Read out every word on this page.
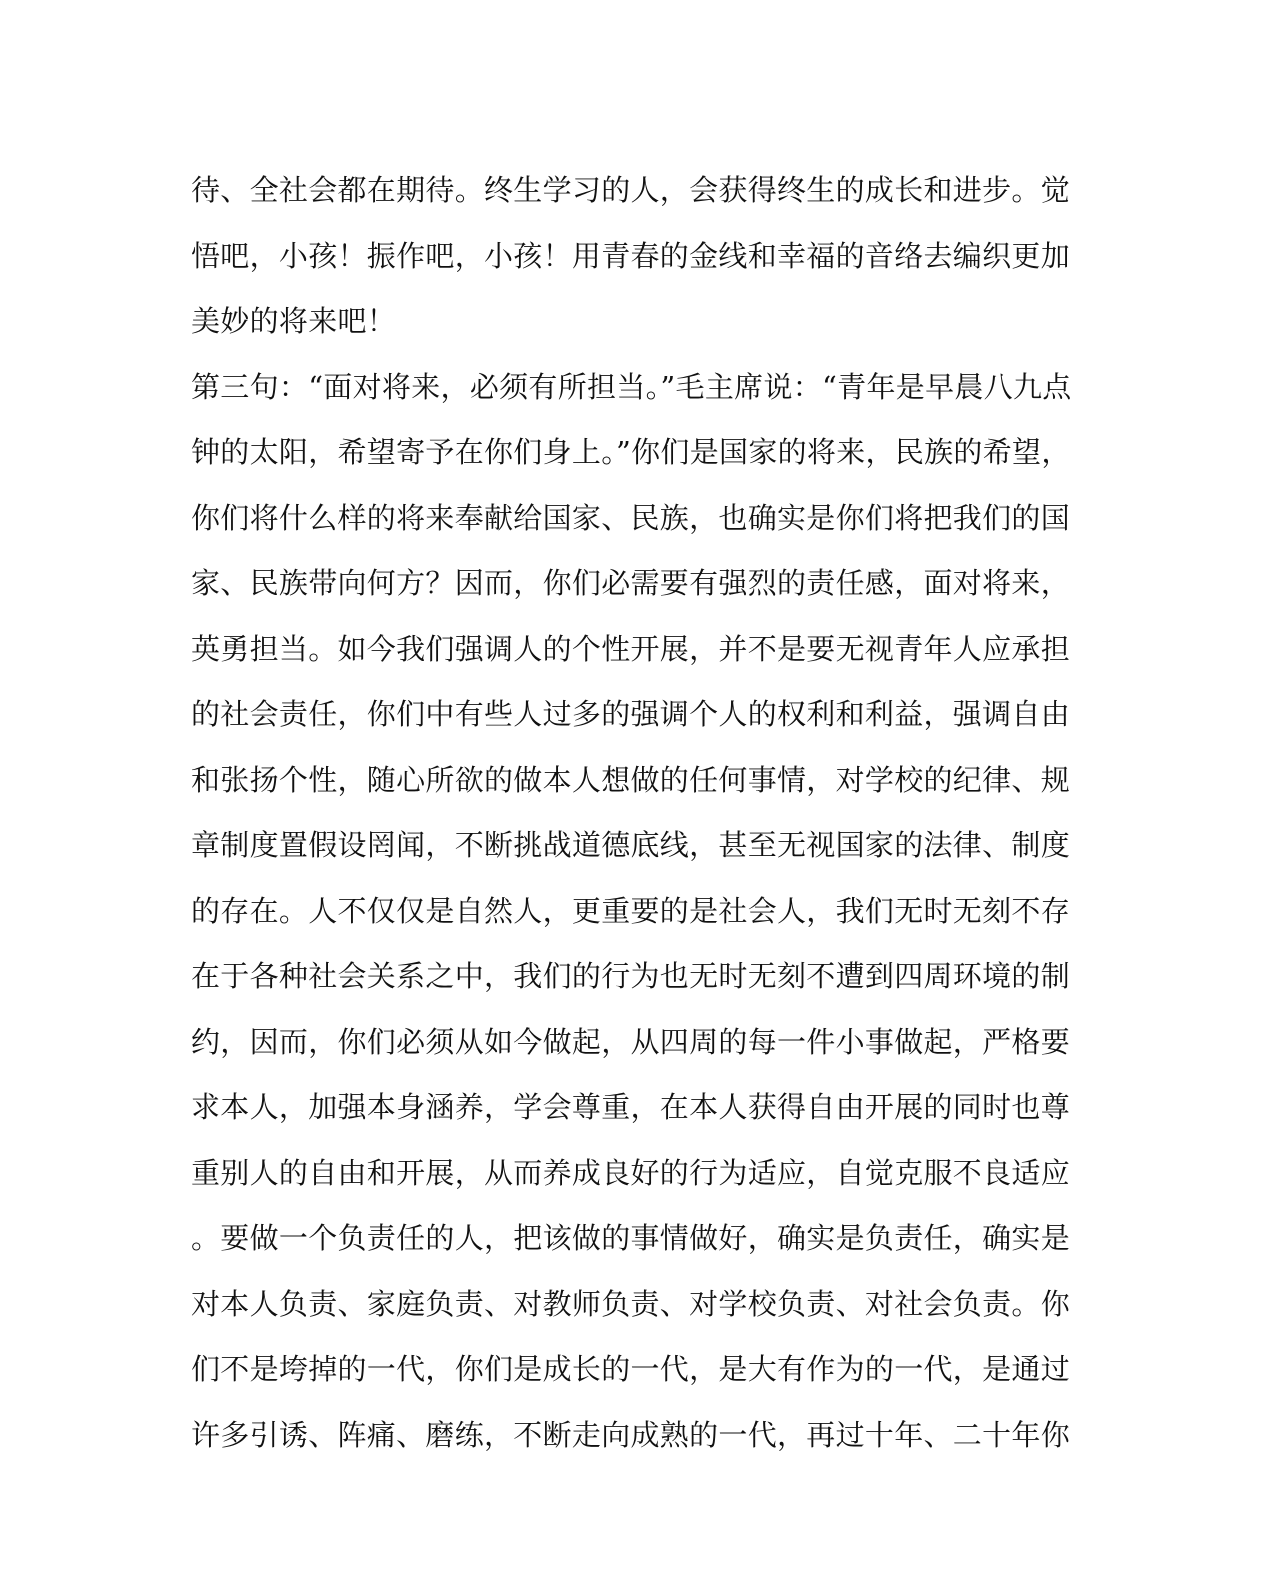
待、全社会都在期待。终生学习的人，会获得终生的成长和进步。觉
悟吧，小孩！振作吧，小孩！用青春的金线和幸福的音络去编织更加
美妙的将来吧！
第三句：“面对将来，必须有所担当。”毛主席说：“青年是早晨八九点
钟的太阳，希望寄予在你们身上。”你们是国家的将来，民族的希望，
你们将什么样的将来奉献给国家、民族，也确实是你们将把我们的国
家、民族带向何方？因而，你们必需要有强烈的责任感，面对将来，
英勇担当。如今我们强调人的个性开展，并不是要无视青年人应承担
的社会责任，你们中有些人过多的强调个人的权利和利益，强调自由
和张扬个性，随心所欲的做本人想做的任何事情，对学校的纪律、规
章制度置假设罔闻，不断挑战道德底线，甚至无视国家的法律、制度
的存在。人不仅仅是自然人，更重要的是社会人，我们无时无刻不存
在于各种社会关系之中，我们的行为也无时无刻不遭到四周环境的制
约，因而，你们必须从如今做起，从四周的每一件小事做起，严格要
求本人，加强本身涵养，学会尊重，在本人获得自由开展的同时也尊
重别人的自由和开展，从而养成良好的行为适应，自觉克服不良适应
。要做一个负责任的人，把该做的事情做好，确实是负责任，确实是
对本人负责、家庭负责、对教师负责、对学校负责、对社会负责。你
们不是垮掉的一代，你们是成长的一代，是大有作为的一代，是通过
许多引诱、阵痛、磨练，不断走向成熟的一代，再过十年、二十年你
